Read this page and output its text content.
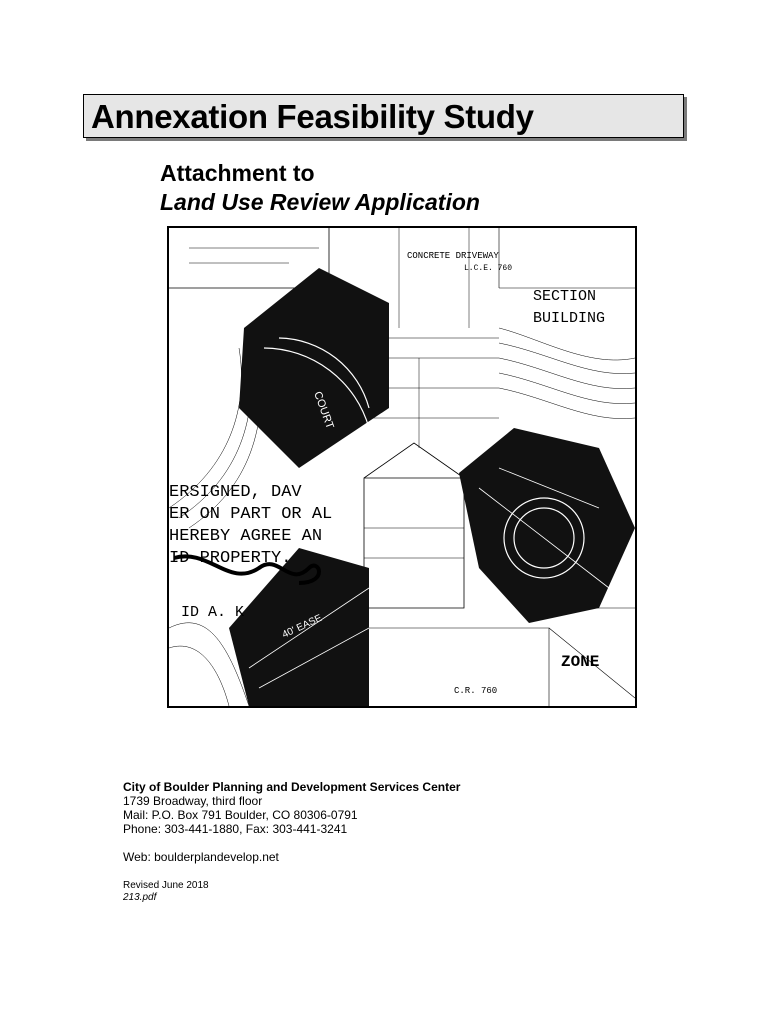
Annexation Feasibility Study
Attachment to
Land Use Review Application
CONCRETE DRIVEWAY
L.C.E. 760
SECTION
BUILDING
ERSIGNED, DAV
ER ON PART OR AL
HEREBY AGREE AN
ID PROPERTY.
ID A. K
ZONE
C.R. 760
COURT
40' EASE
City of Boulder Planning and Development Services Center
1739 Broadway, third floor
Mail: P.O. Box 791 Boulder, CO 80306-0791
Phone: 303-441-1880, Fax: 303-441-3241
Web: boulderplandevelop.net
Revised June 2018
213.pdf
